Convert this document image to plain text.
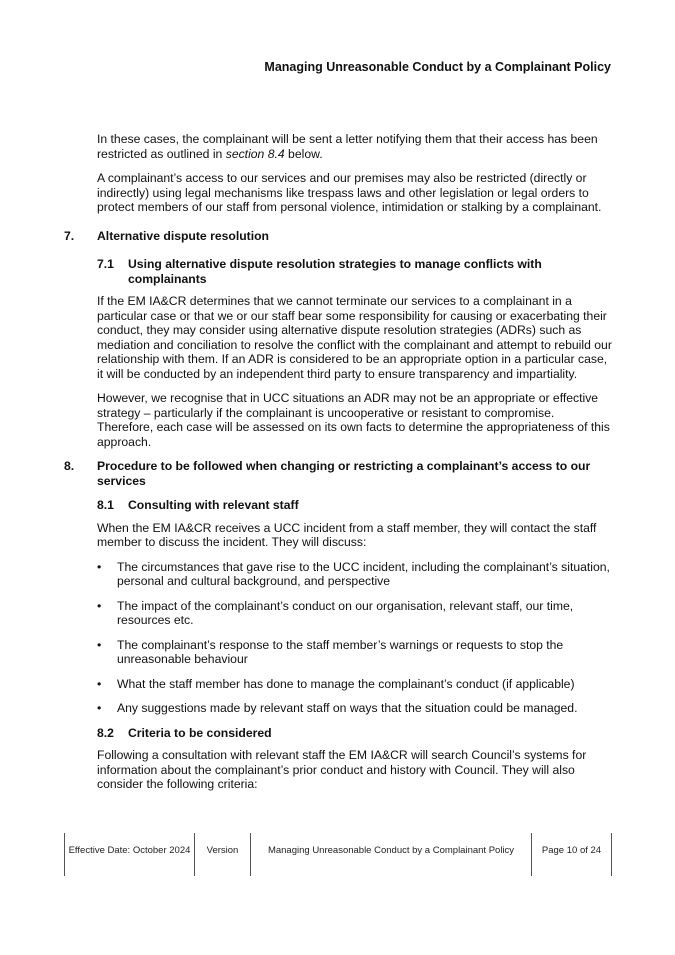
Managing Unreasonable Conduct by a Complainant Policy

In these cases, the complainant will be sent a letter notifying them that their access has been restricted as outlined in section 8.4 below.

A complainant’s access to our services and our premises may also be restricted (directly or indirectly) using legal mechanisms like trespass laws and other legislation or legal orders to protect members of our staff from personal violence, intimidation or stalking by a complainant.

7.	Alternative dispute resolution
7.1	Using alternative dispute resolution strategies to manage conflicts with complainants

If the EM IA&CR determines that we cannot terminate our services to a complainant in a particular case or that we or our staff bear some responsibility for causing or exacerbating their conduct, they may consider using alternative dispute resolution strategies (ADRs) such as mediation and conciliation to resolve the conflict with the complainant and attempt to rebuild our relationship with them. If an ADR is considered to be an appropriate option in a particular case, it will be conducted by an independent third party to ensure transparency and impartiality.

However, we recognise that in UCC situations an ADR may not be an appropriate or effective strategy – particularly if the complainant is uncooperative or resistant to compromise. Therefore, each case will be assessed on its own facts to determine the appropriateness of this approach.

8.	Procedure to be followed when changing or restricting a complainant’s access to our services
8.1	Consulting with relevant staff

When the EM IA&CR receives a UCC incident from a staff member, they will contact the staff member to discuss the incident. They will discuss:

•	The circumstances that gave rise to the UCC incident, including the complainant’s situation, personal and cultural background, and perspective
•	The impact of the complainant’s conduct on our organisation, relevant staff, our time, resources etc.
•	The complainant’s response to the staff member’s warnings or requests to stop the unreasonable behaviour
•	What the staff member has done to manage the complainant’s conduct (if applicable)
•	Any suggestions made by relevant staff on ways that the situation could be managed.
8.2	Criteria to be considered

Following a consultation with relevant staff the EM IA&CR will search Council’s systems for information about the complainant’s prior conduct and history with Council. They will also consider the following criteria:

Effective Date: October 2024	Version	Managing Unreasonable Conduct by a Complainant Policy	Page 10 of 24
